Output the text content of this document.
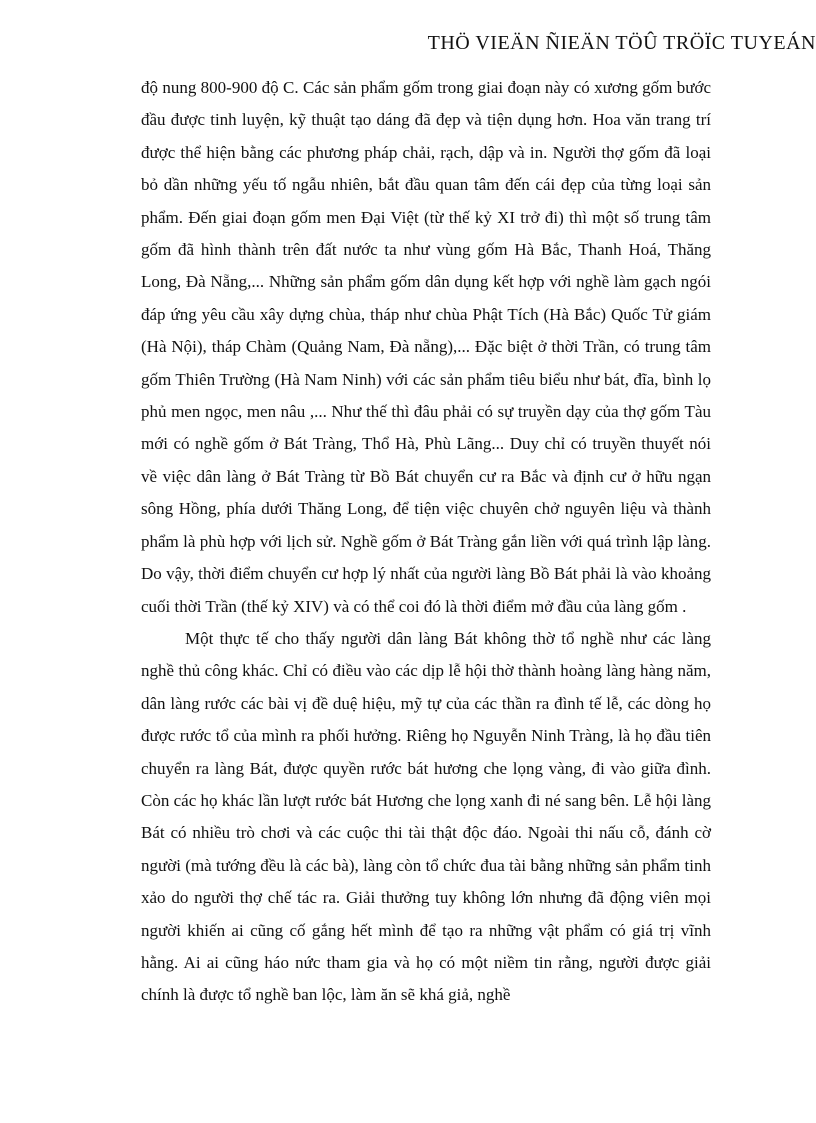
THÖ VIEÄN ÑIEÄN TÖÛ TRÖÏC TUYEÁN

độ nung 800-900 độ C. Các sản phẩm gốm trong giai đoạn này có xương gốm bước đầu được tinh luyện, kỹ thuật tạo dáng đã đẹp và tiện dụng hơn. Hoa văn trang trí được thể hiện bằng các phương pháp chải, rạch, dập và in. Người thợ gốm đã loại bỏ dần những yếu tố ngẫu nhiên, bắt đầu quan tâm đến cái đẹp của từng loại sản phẩm. Đến giai đoạn gốm men Đại Việt (từ thế kỷ XI trở đi) thì một số trung tâm gốm đã hình thành trên đất nước ta như vùng gốm Hà Bắc, Thanh Hoá, Thăng Long, Đà Nẵng,... Những sản phẩm gốm dân dụng kết hợp với nghề làm gạch ngói đáp ứng yêu cầu xây dựng chùa, tháp như chùa Phật Tích (Hà Bắc) Quốc Tử giám (Hà Nội), tháp Chàm (Quảng Nam, Đà nẵng),... Đặc biệt ở thời Trần, có trung tâm gốm Thiên Trường (Hà Nam Ninh) với các sản phẩm tiêu biểu như bát, đĩa, bình lọ phủ men ngọc, men nâu ,... Như thế thì đâu phải có sự truyền dạy của thợ gốm Tàu mới có nghề gốm ở Bát Tràng, Thổ Hà, Phù Lãng... Duy chỉ có truyền thuyết nói về việc dân làng ở Bát Tràng từ Bồ Bát chuyển cư ra Bắc và định cư ở hữu ngạn sông Hồng, phía dưới Thăng Long, để tiện việc chuyên chở nguyên liệu và thành phẩm là phù hợp với lịch sử. Nghề gốm ở Bát Tràng gắn liền với quá trình lập làng. Do vậy, thời điểm chuyển cư hợp lý nhất của người làng Bồ Bát phải là vào khoảng cuối thời Trần (thế kỷ XIV) và có thể coi đó là thời điểm mở đầu của làng gốm .

Một thực tế cho thấy người dân làng Bát không thờ tổ nghề như các làng nghề thủ công khác. Chỉ có điều vào các dịp lễ hội thờ thành hoàng làng hàng năm, dân làng rước các bài vị đề duệ hiệu, mỹ tự của các thần ra đình tế lễ, các dòng họ được rước tổ của mình ra phối hưởng. Riêng họ Nguyễn Ninh Tràng, là họ đầu tiên chuyển ra làng Bát, được quyền rước bát hương che lọng vàng, đi vào giữa đình. Còn các họ khác lần lượt rước bát Hương che lọng xanh đi né sang bên. Lễ hội làng Bát có nhiều trò chơi và các cuộc thi tài thật độc đáo. Ngoài thi nấu cỗ, đánh cờ người (mà tướng đều là các bà), làng còn tổ chức đua tài bằng những sản phẩm tinh xảo do người thợ chế tác ra. Giải thưởng tuy không lớn nhưng đã động viên mọi người khiến ai cũng cố gắng hết mình để tạo ra những vật phẩm có giá trị vĩnh hằng. Ai ai cũng háo nức tham gia và họ có một niềm tin rằng, người được giải chính là được tổ nghề ban lộc, làm ăn sẽ khá giả, nghề
